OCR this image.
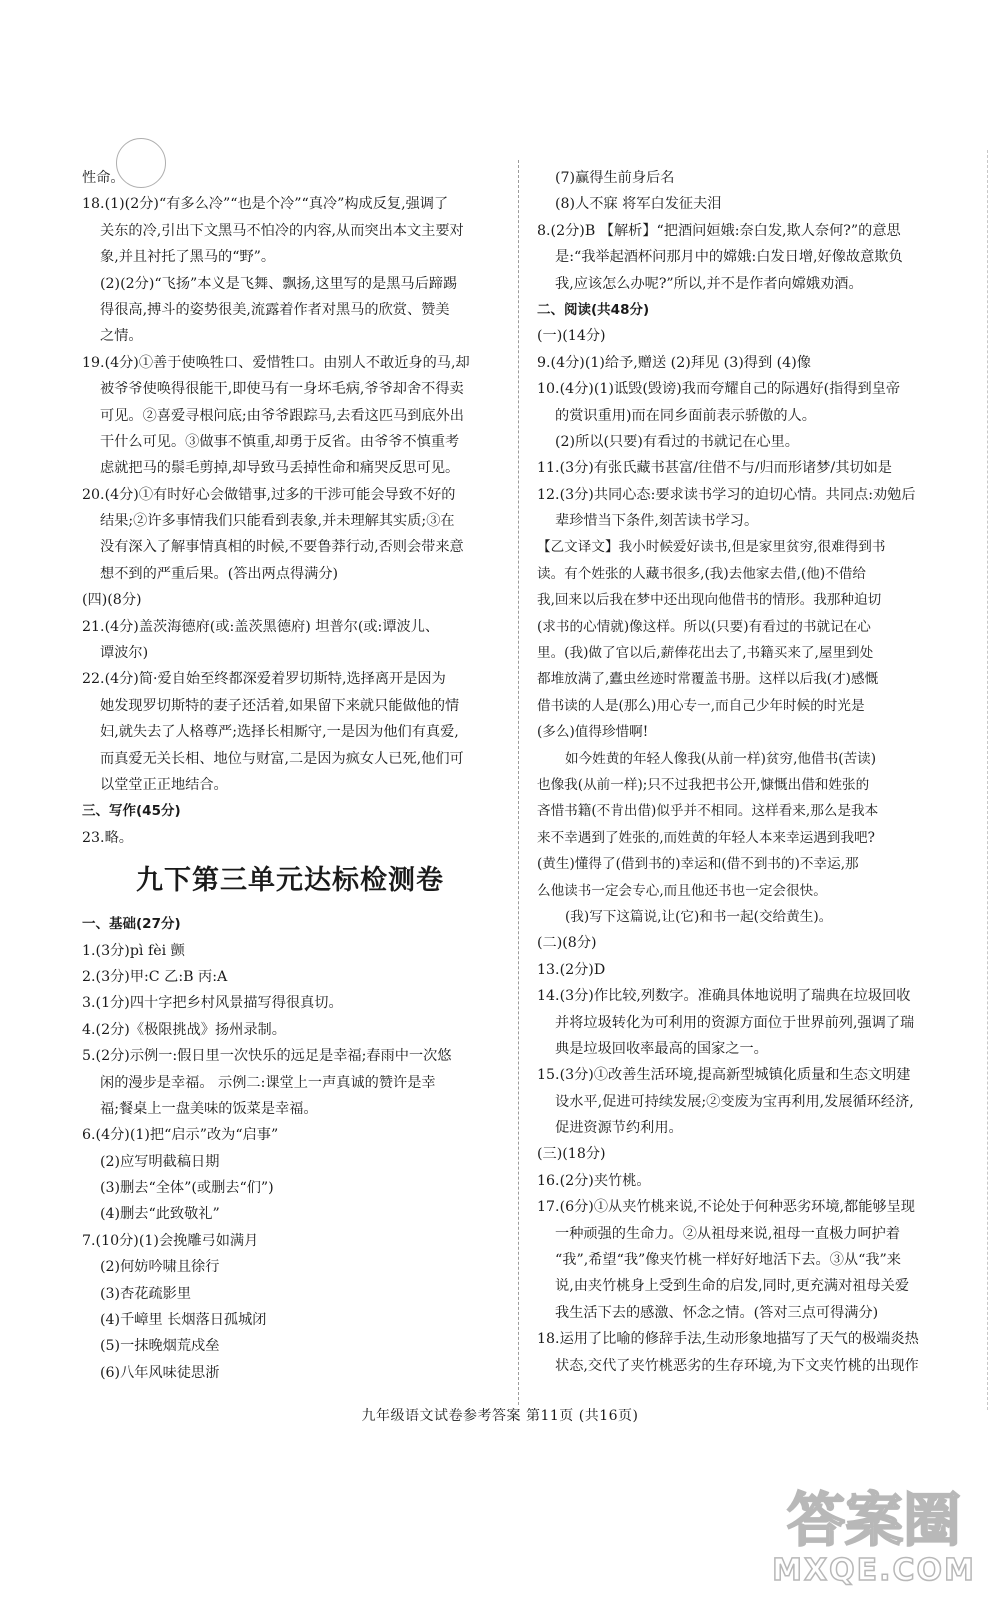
性命。
18.(1)(2分)“有多么冷”“也是个冷”“真冷”构成反复,强调了
关东的冷,引出下文黑马不怕冷的内容,从而突出本文主要对
象,并且衬托了黑马的“野”。
(2)(2分)“飞扬”本义是飞舞、飘扬,这里写的是黑马后蹄踢
得很高,搏斗的姿势很美,流露着作者对黑马的欣赏、赞美
之情。
19.(4分)①善于使唤牲口、爱惜牲口。由别人不敢近身的马,却
被爷爷使唤得很能干,即使马有一身坏毛病,爷爷却舍不得卖
可见。②喜爱寻根问底;由爷爷跟踪马,去看这匹马到底外出
干什么可见。③做事不慎重,却勇于反省。由爷爷不慎重考
虑就把马的鬃毛剪掉,却导致马丢掉性命和痛哭反思可见。
20.(4分)①有时好心会做错事,过多的干涉可能会导致不好的
结果;②许多事情我们只能看到表象,并未理解其实质;③在
没有深入了解事情真相的时候,不要鲁莽行动,否则会带来意
想不到的严重后果。(答出两点得满分)
(四)(8分)
21.(4分)盖茨海德府(或:盖茨黑德府) 坦普尔(或:谭波儿、
谭波尔)
22.(4分)简·爱自始至终都深爱着罗切斯特,选择离开是因为
她发现罗切斯特的妻子还活着,如果留下来就只能做他的情
妇,就失去了人格尊严;选择长相厮守,一是因为他们有真爱,
而真爱无关长相、地位与财富,二是因为疯女人已死,他们可
以堂堂正正地结合。
三、写作(45分)
23.略。
九下第三单元达标检测卷
一、基础(27分)
1.(3分)pì fèi 颤
2.(3分)甲:C 乙:B 丙:A
3.(1分)四十字把乡村风景描写得很真切。
4.(2分)《极限挑战》扬州录制。
5.(2分)示例一:假日里一次快乐的远足是幸福;春雨中一次悠
闲的漫步是幸福。 示例二:课堂上一声真诚的赞许是幸
福;餐桌上一盘美味的饭菜是幸福。
6.(4分)(1)把“启示”改为“启事”
(2)应写明截稿日期
(3)删去“全体”(或删去“们”)
(4)删去“此致敬礼”
7.(10分)(1)会挽雕弓如满月
(2)何妨吟啸且徐行
(3)杏花疏影里
(4)千嶂里 长烟落日孤城闭
(5)一抹晚烟荒戍垒
(6)八年风味徒思浙
(7)赢得生前身后名
(8)人不寐 将军白发征夫泪
8.(2分)B 【解析】“把酒问姮娥:奈白发,欺人奈何?”的意思
是:“我举起酒杯问那月中的嫦娥:白发日增,好像故意欺负
我,应该怎么办呢?”所以,并不是作者向嫦娥劝酒。
二、阅读(共48分)
(一)(14分)
9.(4分)(1)给予,赠送 (2)拜见 (3)得到 (4)像
10.(4分)(1)诋毁(毁谤)我而夸耀自己的际遇好(指得到皇帝
的赏识重用)而在同乡面前表示骄傲的人。
(2)所以(只要)有看过的书就记在心里。
11.(3分)有张氏藏书甚富/往借不与/归而形诸梦/其切如是
12.(3分)共同心态:要求读书学习的迫切心情。共同点:劝勉后
辈珍惜当下条件,刻苦读书学习。
【乙文译文】我小时候爱好读书,但是家里贫穷,很难得到书
读。有个姓张的人藏书很多,(我)去他家去借,(他)不借给
我,回来以后我在梦中还出现向他借书的情形。我那种迫切
(求书的心情就)像这样。所以(只要)有看过的书就记在心
里。(我)做了官以后,薪俸花出去了,书籍买来了,屋里到处
都堆放满了,蠹虫丝迹时常覆盖书册。这样以后我(才)感慨
借书读的人是(那么)用心专一,而自己少年时候的时光是
(多么)值得珍惜啊!
如今姓黄的年轻人像我(从前一样)贫穷,他借书(苦读)
也像我(从前一样);只不过我把书公开,慷慨出借和姓张的
吝惜书籍(不肯出借)似乎并不相同。这样看来,那么是我本
来不幸遇到了姓张的,而姓黄的年轻人本来幸运遇到我吧?
(黄生)懂得了(借到书的)幸运和(借不到书的)不幸运,那
么他读书一定会专心,而且他还书也一定会很快。
(我)写下这篇说,让(它)和书一起(交给黄生)。
(二)(8分)
13.(2分)D
14.(3分)作比较,列数字。准确具体地说明了瑞典在垃圾回收
并将垃圾转化为可利用的资源方面位于世界前列,强调了瑞
典是垃圾回收率最高的国家之一。
15.(3分)①改善生活环境,提高新型城镇化质量和生态文明建
设水平,促进可持续发展;②变废为宝再利用,发展循环经济,
促进资源节约利用。
(三)(18分)
16.(2分)夹竹桃。
17.(6分)①从夹竹桃来说,不论处于何种恶劣环境,都能够呈现
一种顽强的生命力。②从祖母来说,祖母一直极力呵护着
“我”,希望“我”像夹竹桃一样好好地活下去。③从“我”来
说,由夹竹桃身上受到生命的启发,同时,更充满对祖母关爱
我生活下去的感激、怀念之情。(答对三点可得满分)
18.运用了比喻的修辞手法,生动形象地描写了天气的极端炎热
状态,交代了夹竹桃恶劣的生存环境,为下文夹竹桃的出现作
九年级语文试卷参考答案 第11页 (共16页)
答案圈
MXQE.COM
